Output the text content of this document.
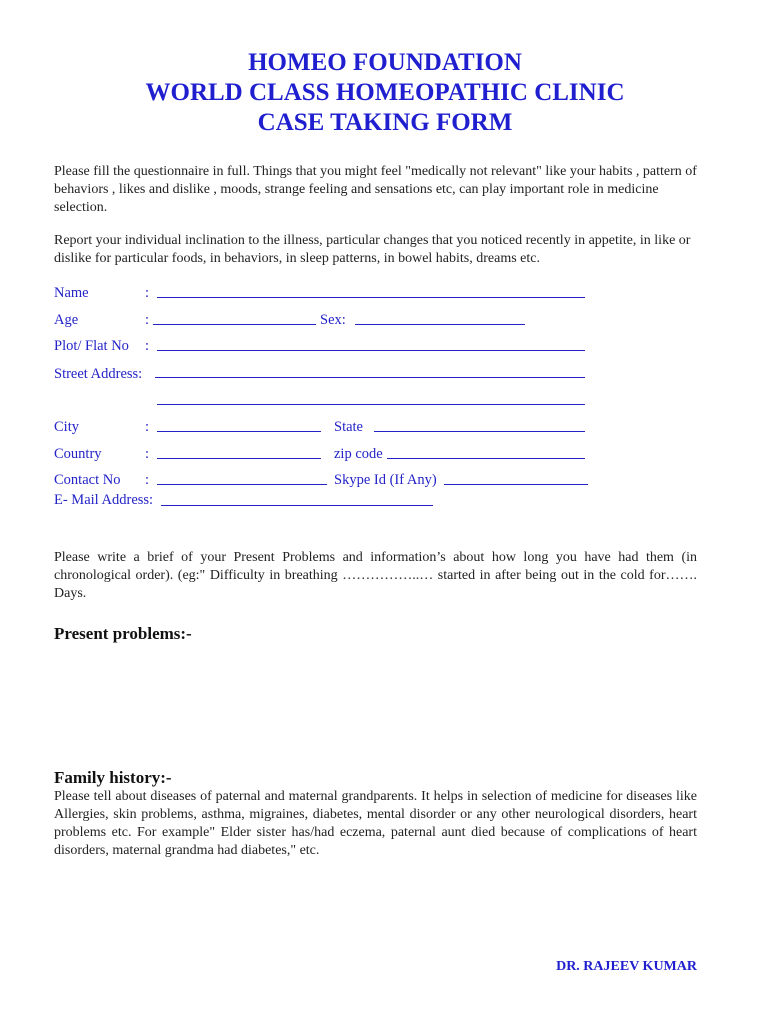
HOMEO FOUNDATION
WORLD CLASS HOMEOPATHIC CLINIC
CASE TAKING FORM
Please fill the questionnaire in full. Things that you might feel "medically not relevant" like your habits , pattern of behaviors , likes and dislike , moods, strange feeling and sensations etc, can play important role in medicine selection.
Report your individual inclination to the illness, particular changes that you noticed recently in appetite, in like or dislike for particular foods, in behaviors, in sleep patterns, in bowel habits, dreams etc.
Name	:
Age	:	Sex:
Plot/ Flat No :
Street Address:
City	:	State
Country	:	zip code
Contact No :	Skype Id (If Any)
E- Mail Address:
Please write a brief of your Present Problems and information’s about how long you have had them (in chronological order). (eg:" Difficulty in breathing ……………..… started in after being out in the cold for……. Days.
Present problems:-
Family history:-
Please tell about diseases of paternal and maternal grandparents. It helps in selection of medicine for diseases like Allergies, skin problems, asthma, migraines, diabetes, mental disorder or any other neurological disorders, heart problems etc. For example" Elder sister has/had eczema, paternal aunt died because of complications of heart disorders, maternal grandma had diabetes," etc.
DR. RAJEEV KUMAR
